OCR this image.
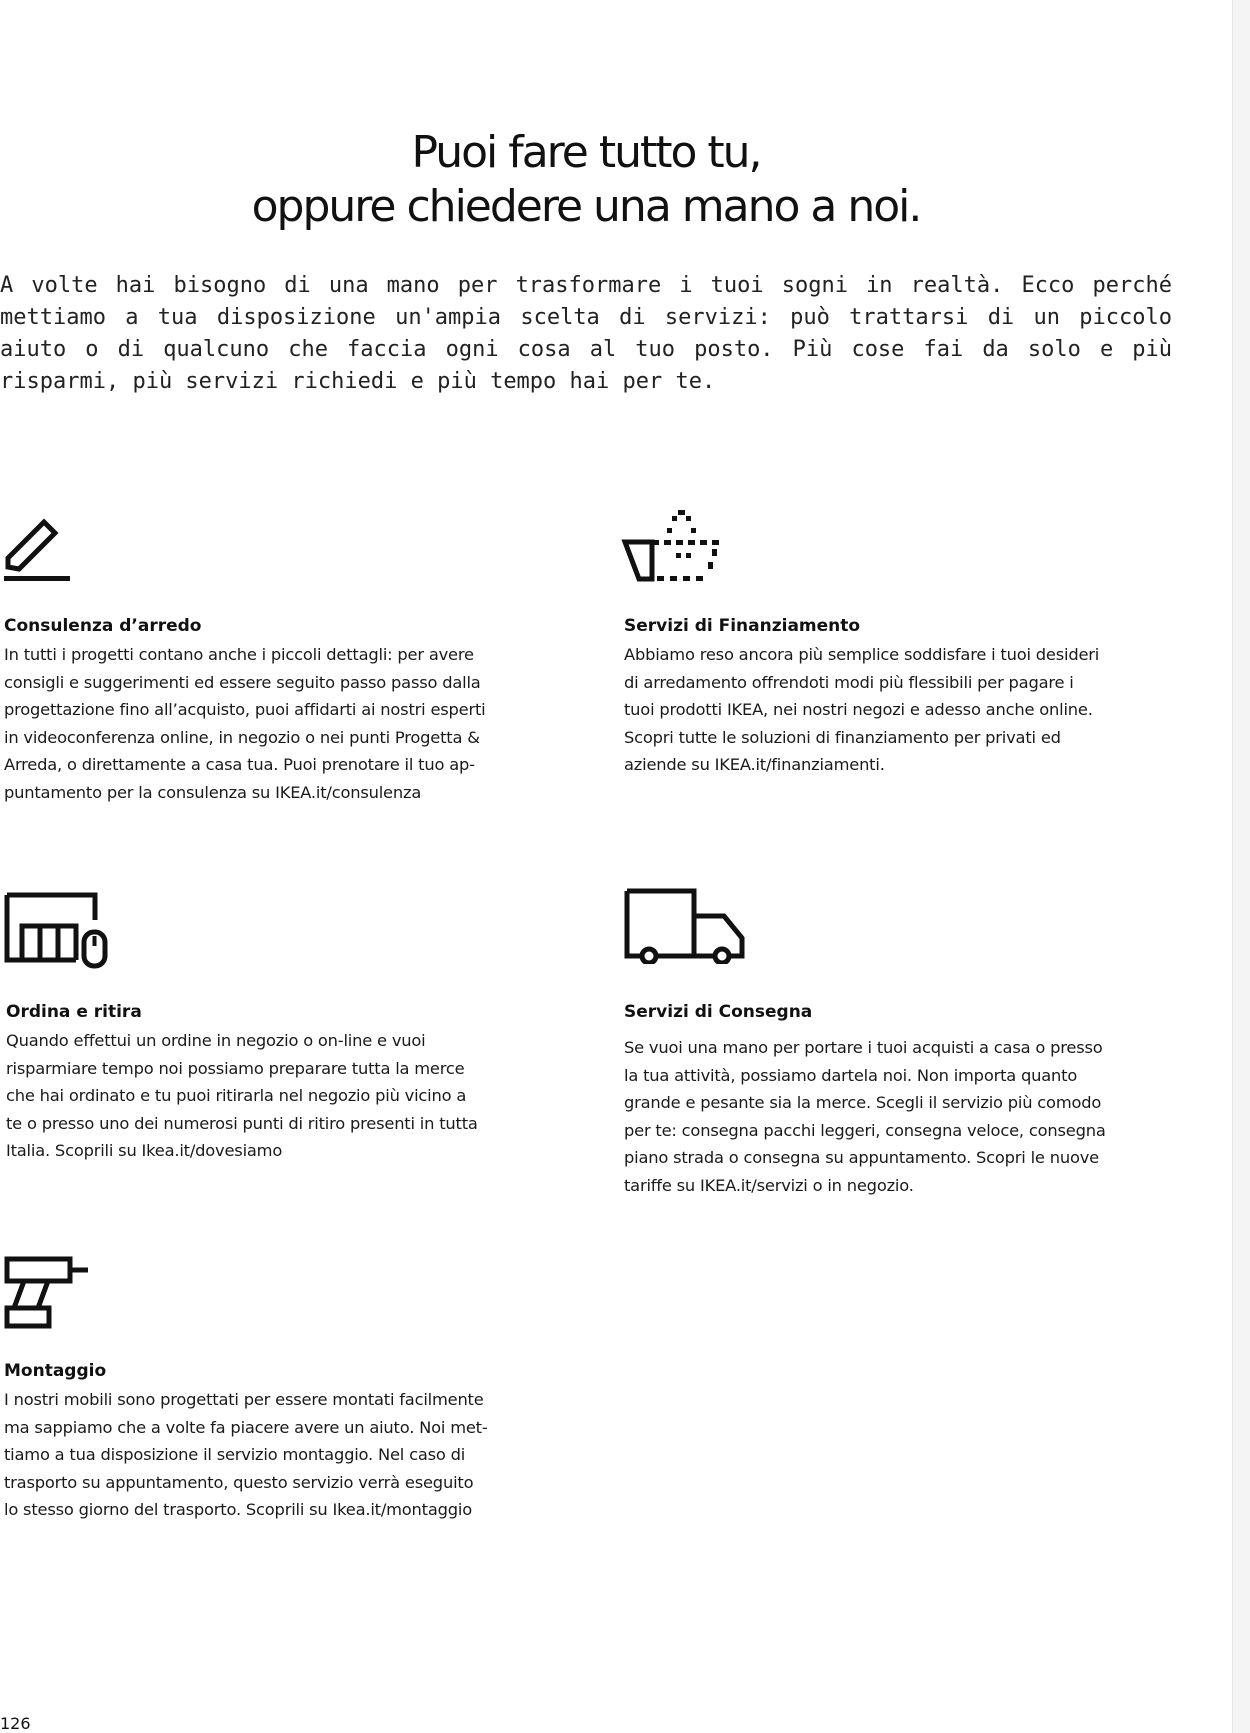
Puoi fare tutto tu,
oppure chiedere una mano a noi.

A volte hai bisogno di una mano per trasformare i tuoi sogni in realtà. Ecco perché mettiamo a tua disposizione un'ampia scelta di servizi: può trattarsi di un piccolo aiuto o di qualcuno che faccia ogni cosa al tuo posto. Più cose fai da solo e più risparmi, più servizi richiedi e più tempo hai per te.

Consulenza d’arredo

In tutti i progetti contano anche i piccoli dettagli: per avere
consigli e suggerimenti ed essere seguito passo passo dalla
progettazione fino all’acquisto, puoi affidarti ai nostri esperti
in videoconferenza online, in negozio o nei punti Progetta &
Arreda, o direttamente a casa tua. Puoi prenotare il tuo ap-
puntamento per la consulenza su IKEA.it/consulenza

Servizi di Finanziamento

Abbiamo reso ancora più semplice soddisfare i tuoi desideri
di arredamento offrendoti modi più flessibili per pagare i
tuoi prodotti IKEA, nei nostri negozi e adesso anche online.
Scopri tutte le soluzioni di finanziamento per privati ed
aziende su IKEA.it/finanziamenti.

Ordina e ritira

Quando effettui un ordine in negozio o on-line e vuoi
risparmiare tempo noi possiamo preparare tutta la merce
che hai ordinato e tu puoi ritirarla nel negozio più vicino a
te o presso uno dei numerosi punti di ritiro presenti in tutta
Italia. Scoprili su Ikea.it/dovesiamo

Servizi di Consegna

Se vuoi una mano per portare i tuoi acquisti a casa o presso
la tua attività, possiamo dartela noi. Non importa quanto
grande e pesante sia la merce. Scegli il servizio più comodo
per te: consegna pacchi leggeri, consegna veloce, consegna
piano strada o consegna su appuntamento. Scopri le nuove
tariffe su IKEA.it/servizi o in negozio.

Montaggio

I nostri mobili sono progettati per essere montati facilmente
ma sappiamo che a volte fa piacere avere un aiuto. Noi met-
tiamo a tua disposizione il servizio montaggio. Nel caso di
trasporto su appuntamento, questo servizio verrà eseguito
lo stesso giorno del trasporto. Scoprili su Ikea.it/montaggio

126
